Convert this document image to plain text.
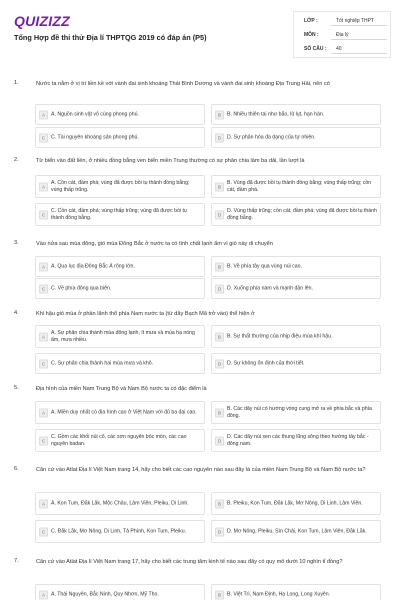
QUIZIZZ
Tổng Hợp đề thi thử Địa lí THPTQG 2019 có đáp án (P5)
LỚP :	Tốt nghiệp THPT
MÔN :	Địa lý
SỐ CÂU : 40
1.	Nước ta nằm ở vị trí liền kề với vành đai sinh khoáng Thái Bình Dương và vành đai sinh khoáng Địa Trung Hải, nên có
A	A. Nguồn sinh vật vô cùng phong phú.	B	B. Nhiều thiên tai như bão, lũ lụt, hạn hán.
C	C. Tài nguyên khoáng sản phong phú.	D	D. Sự phân hóa đa dạng của tự nhiên.
2.	Từ biển vào đất liền, ở nhiều đồng bằng ven biển miền Trung thường có sự phân chia làm ba dải, lần lượt là
A
A. Cồn cát, đầm phá; vùng đã được bồi tụ thành đồng bằng; vùng thấp trũng.	B
B. Vùng đã được bồi tụ thành đồng bằng; vùng thấp trũng; cồn cát, đầm phá.
C
C. Cồn cát, đầm phá; vùng thấp trũng; vùng đã được bồi tụ thành đồng bằng.	D
D. Vùng thấp trũng; cồn cát, đầm phá; vùng đã được bồi tụ thành đồng bằng.
3.	Vào nửa sau mùa đông, gió mùa Đông Bắc ở nước ta có tính chất lạnh ẩm vì gió này di chuyển
A	A. Qua lục địa Đông Bắc Á rộng lớn.	B	B. Về phía tây qua vùng núi cao.
C	C. Về phía đông qua biển.	D	D. Xuống phía nam và mạnh dần lên.
4.	Khi hậu gió mùa ở phần lãnh thổ phía Nam nước ta (từ dãy Bạch Mã trở vào) thể hiện ở
A
A. Sự phân chia thành mùa đông lạnh, ít mưa và mùa hạ nóng ẩm, mưa nhiều.	B	B. Sự thất thường của nhịp điệu mùa khí hậu.
C	C. Sự phân chia thành hai mùa mưa và khô.	D	D. Sự không ổn định của thời tiết.
5.	Địa hình của miền Nam Trung Bộ và Nam Bộ nước ta có đặc điểm là
A	A. Miền duy nhất có địa hình cao ở Việt Nam với đủ ba đai cao.	B
B. Các dãy núi có hướng vòng cung mở ra về phía bắc và phía đông.
C
C. Gồm các khối núi cổ, các sơn nguyên bóc mòn, các cao nguyên badan.	D
D. Các dãy núi xen các thung lũng sông theo hướng tây bắc - đông nam.
6.	Căn cứ vào Atlat Địa lí Việt Nam trang 14, hãy cho biết các cao nguyên nào sau đây là của miền Nam Trung Bộ và Nam Bộ nước ta?
A	A. Kon Tum, Đăk Lăk, Mộc Châu, Lâm Viên, Pleiku, Di Linh.	B	B. Pleiku, Kon Tum, Đăk Lăk, Mơ Nông, Di Linh, Lâm Viên.
C	C. Đăk Lăk, Mơ Nông, Di Linh, Tả Phình, Kon Tum, Pleiku.	D	D. Mơ Nông, Pleiku, Sìn Chải, Kon Tum, Lâm Viên, Đăk Lăk.
7.	Căn cứ vào Atlat Địa lí Việt Nam trang 17, hãy cho biết các trung tâm kinh tế nào sau đây có quy mô dưới 10 nghìn tỉ đồng?
A	A. Thái Nguyên, Bắc Ninh, Quy Nhơn, Mỹ Tho.	B	B. Việt Trì, Nam Định, Hạ Long, Long Xuyên.
